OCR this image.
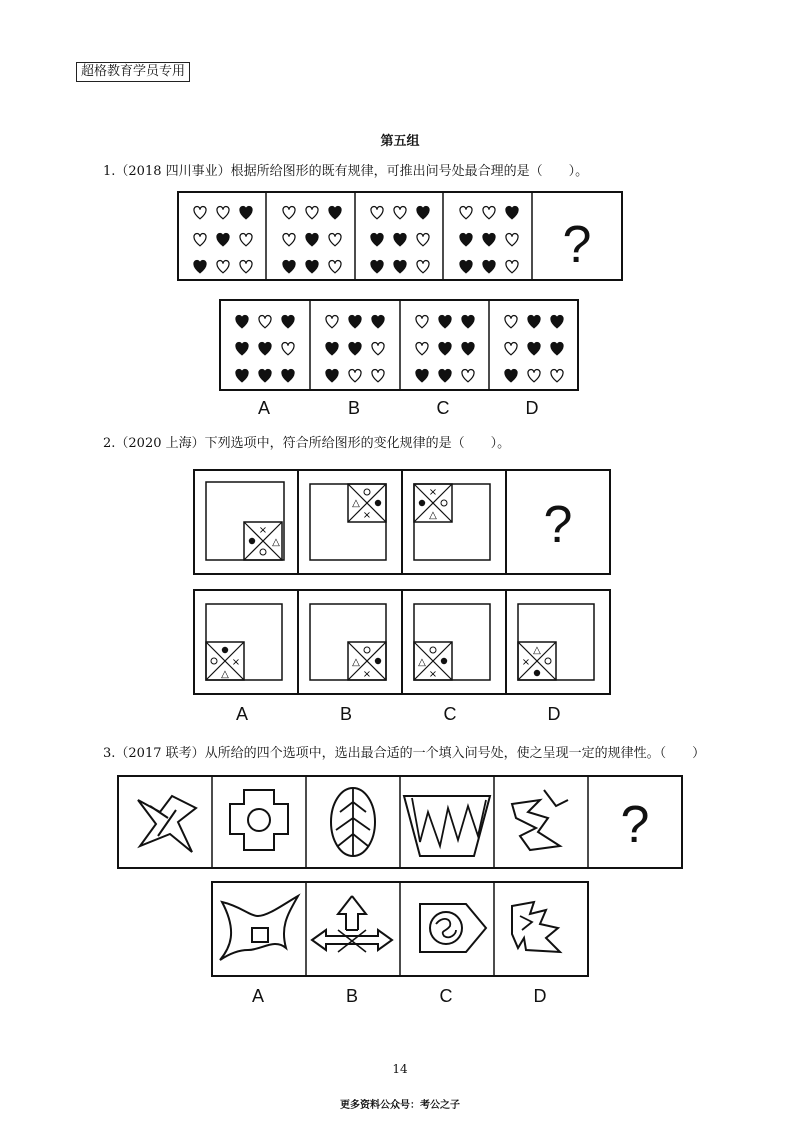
超格教育学员专用
第五组
1.（2018 四川事业）根据所给图形的既有规律，可推出问号处最合理的是（　　）。
2.（2020 上海）下列选项中，符合所给图形的变化规律的是（　　）。
3.（2017 联考）从所给的四个选项中，选出最合适的一个填入问号处，使之呈现一定的规律性。（　　）
?
A	B	C	D
×
△
△
×
×
△ ?
×
△
△
×
△
×
△
×
A	B	C	D
?
A	B	C	D
14
更多资料公众号：考公之子
